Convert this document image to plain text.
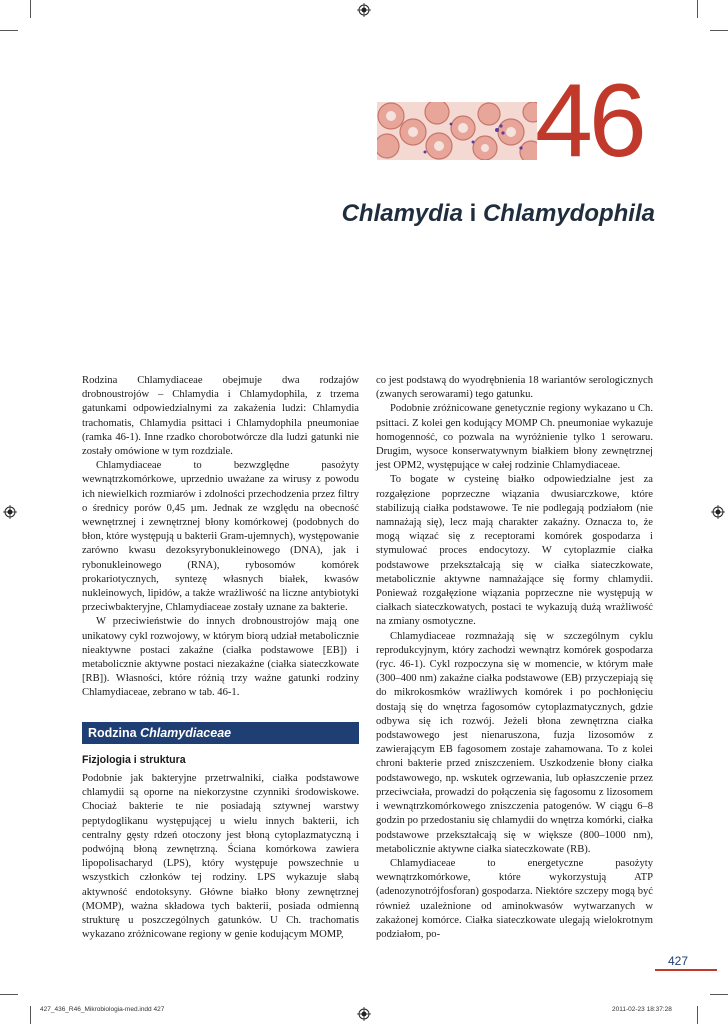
46
Chlamydia i Chlamydophila

Rodzina Chlamydiaceae obejmuje dwa rodzajów drobnoustrojów – Chlamydia i Chlamydophila, z trzema gatunkami odpowiedzialnymi za zakażenia ludzi: Chlamydia trachomatis, Chlamydia psittaci i Chlamydophila pneumoniae (ramka 46-1). Inne rzadko chorobotwórcze dla ludzi gatunki nie zostały omówione w tym rozdziale.

Chlamydiaceae to bezwzględne pasożyty wewnątrzkomórkowe, uprzednio uważane za wirusy z powodu ich niewielkich rozmiarów i zdolności przechodzenia przez filtry o średnicy porów 0,45 µm. Jednak ze względu na obecność wewnętrznej i zewnętrznej błony komórkowej (podobnych do błon, które występują u bakterii Gram-ujemnych), występowanie zarówno kwasu dezoksyrybonukleinowego (DNA), jak i rybonukleinowego (RNA), rybosomów komórek prokariotycznych, syntezę własnych białek, kwasów nukleinowych, lipidów, a także wrażliwość na liczne antybiotyki przeciwbakteryjne, Chlamydiaceae zostały uznane za bakterie.

W przeciwieństwie do innych drobnoustrojów mają one unikatowy cykl rozwojowy, w którym biorą udział metabolicznie nieaktywne postaci zakaźne (ciałka podstawowe [EB]) i metabolicznie aktywne postaci niezakaźne (ciałka siateczkowate [RB]). Własności, które różnią trzy ważne gatunki rodziny Chlamydiaceae, zebrano w tab. 46-1.

Rodzina Chlamydiaceae
Fizjologia i struktura

Podobnie jak bakteryjne przetrwalniki, ciałka podstawowe chlamydii są oporne na niekorzystne czynniki środowiskowe. Chociaż bakterie te nie posiadają sztywnej warstwy peptydoglikanu występującej u wielu innych bakterii, ich centralny gęsty rdzeń otoczony jest błoną cytoplazmatyczną i podwójną błoną zewnętrzną. Ściana komórkowa zawiera lipopolisacharyd (LPS), który występuje powszechnie u wszystkich członków tej rodziny. LPS wykazuje słabą aktywność endotoksyny. Główne białko błony zewnętrznej (MOMP), ważna składowa tych bakterii, posiada odmienną strukturę u poszczególnych gatunków. U Ch. trachomatis wykazano zróżnicowane regiony w genie kodującym MOMP,

co jest podstawą do wyodrębnienia 18 wariantów serologicznych (zwanych serowarami) tego gatunku.

Podobnie zróżnicowane genetycznie regiony wykazano u Ch. psittaci. Z kolei gen kodujący MOMP Ch. pneumoniae wykazuje homogenność, co pozwala na wyróżnienie tylko 1 serowaru. Drugim, wysoce konserwatywnym białkiem błony zewnętrznej jest OPM2, występujące w całej rodzinie Chlamydiaceae.

To bogate w cysteinę białko odpowiedzialne jest za rozgałęzione poprzeczne wiązania dwusiarczkowe, które stabilizują ciałka podstawowe. Te nie podlegają podziałom (nie namnażają się), lecz mają charakter zakaźny. Oznacza to, że mogą wiązać się z receptorami komórek gospodarza i stymulować proces endocytozy. W cytoplazmie ciałka podstawowe przekształcają się w ciałka siateczkowate, metabolicznie aktywne namnażające się formy chlamydii. Ponieważ rozgałęzione wiązania poprzeczne nie występują w ciałkach siateczkowatych, postaci te wykazują dużą wrażliwość na zmiany osmotyczne.

Chlamydiaceae rozmnażają się w szczególnym cyklu reprodukcyjnym, który zachodzi wewnątrz komórek gospodarza (ryc. 46-1). Cykl rozpoczyna się w momencie, w którym małe (300–400 nm) zakaźne ciałka podstawowe (EB) przyczepiają się do mikrokosmków wrażliwych komórek i po pochłonięciu dostają się do wnętrza fagosomów cytoplazmatycznych, gdzie odbywa się ich rozwój. Jeżeli błona zewnętrzna ciałka podstawowego jest nienaruszona, fuzja lizosomów z zawierającym EB fagosomem zostaje zahamowana. To z kolei chroni bakterie przed zniszczeniem. Uszkodzenie błony ciałka podstawowego, np. wskutek ogrzewania, lub opłaszczenie przez przeciwciała, prowadzi do połączenia się fagosomu z lizosomem i wewnątrzkomórkowego zniszczenia patogenów. W ciągu 6–8 godzin po przedostaniu się chlamydii do wnętrza komórki, ciałka podstawowe przekształcają się w większe (800–1000 nm), metabolicznie aktywne ciałka siateczkowate (RB).

Chlamydiaceae to energetyczne pasożyty wewnątrzkomórkowe, które wykorzystują ATP (adenozynotrójfosforan) gospodarza. Niektóre szczepy mogą być również uzależnione od aminokwasów wytwarzanych w zakażonej komórce. Ciałka siateczkowate ulegają wielokrotnym podziałom, po-

427
427_436_R46_Mikrobiologia-med.indd 427	2011-02-23 18:37:28
